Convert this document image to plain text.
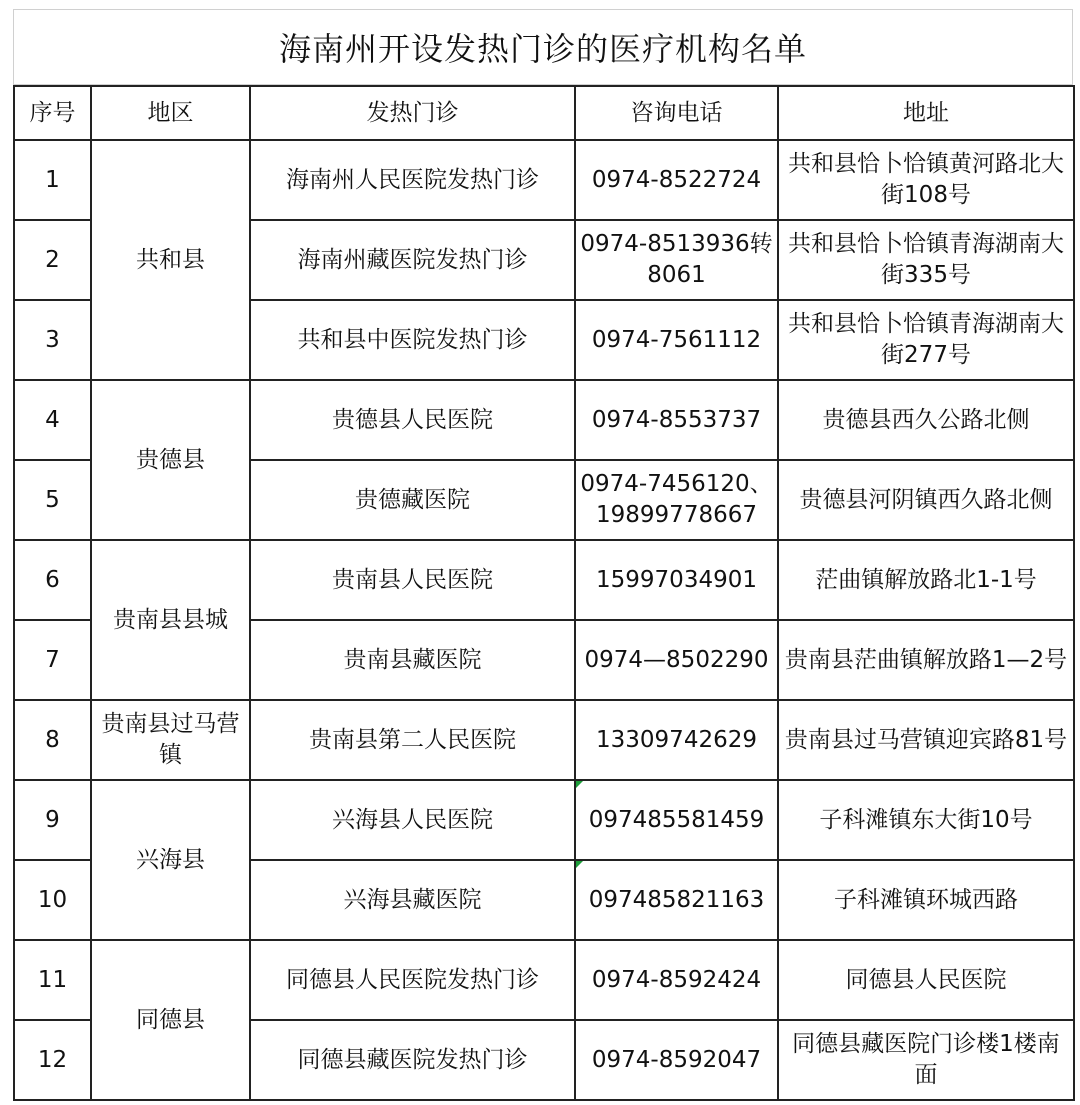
海南州开设发热门诊的医疗机构名单
序号	地区	发热门诊	咨询电话	地址
1	共和县	海南州人民医院发热门诊	0974-8522724	共和县恰卜恰镇黄河路北大街108号
2		海南州藏医院发热门诊	0974-8513936转8061	共和县恰卜恰镇青海湖南大街335号
3		共和县中医院发热门诊	0974-7561112	共和县恰卜恰镇青海湖南大街277号
4	贵德县	贵德县人民医院	0974-8553737	贵德县西久公路北侧
5		贵德藏医院	0974-7456120、19899778667	贵德县河阴镇西久路北侧
6	贵南县县城	贵南县人民医院	15997034901	茫曲镇解放路北1-1号
7		贵南县藏医院	0974—8502290	贵南县茫曲镇解放路1—2号
8	贵南县过马营镇	贵南县第二人民医院	13309742629	贵南县过马营镇迎宾路81号
9	兴海县	兴海县人民医院	097485581459	子科滩镇东大街10号
10		兴海县藏医院	097485821163	子科滩镇环城西路
11	同德县	同德县人民医院发热门诊	0974-8592424	同德县人民医院
12		同德县藏医院发热门诊	0974-8592047	同德县藏医院门诊楼1楼南面
